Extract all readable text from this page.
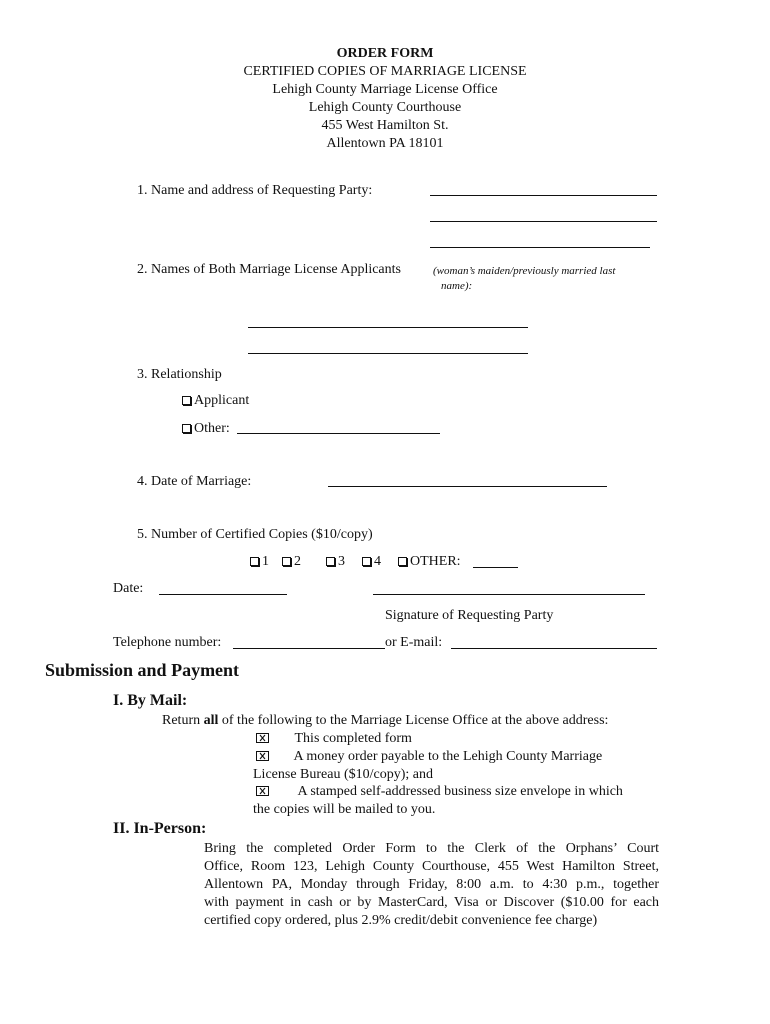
ORDER FORM
CERTIFIED COPIES OF MARRIAGE LICENSE
Lehigh County Marriage License Office
Lehigh County Courthouse
455 West Hamilton St.
Allentown PA 18101
1. Name and address of Requesting Party:
2. Names of Both Marriage License Applicants	(woman’s maiden/previously married last
name):
3. Relationship
Applicant
Other:
4. Date of Marriage:
5. Number of Certified Copies ($10/copy)
1	2	3	4	OTHER:
Date:
Signature of Requesting Party
Telephone number:	or E-mail:
Submission and Payment
I. By Mail:
Return all of the following to the Marriage License Office at the above address:
This completed form
A money order payable to the Lehigh County Marriage
License Bureau ($10/copy); and
A stamped self-addressed business size envelope in which
the copies will be mailed to you.
II. In-Person:
Bring the completed Order Form to the Clerk of the Orphans’ Court
Office, Room 123, Lehigh County Courthouse, 455 West Hamilton Street,
Allentown PA, Monday through Friday, 8:00 a.m. to 4:30 p.m., together
with payment in cash or by MasterCard, Visa or Discover ($10.00 for each
certified copy ordered, plus 2.9% credit/debit convenience fee charge)
